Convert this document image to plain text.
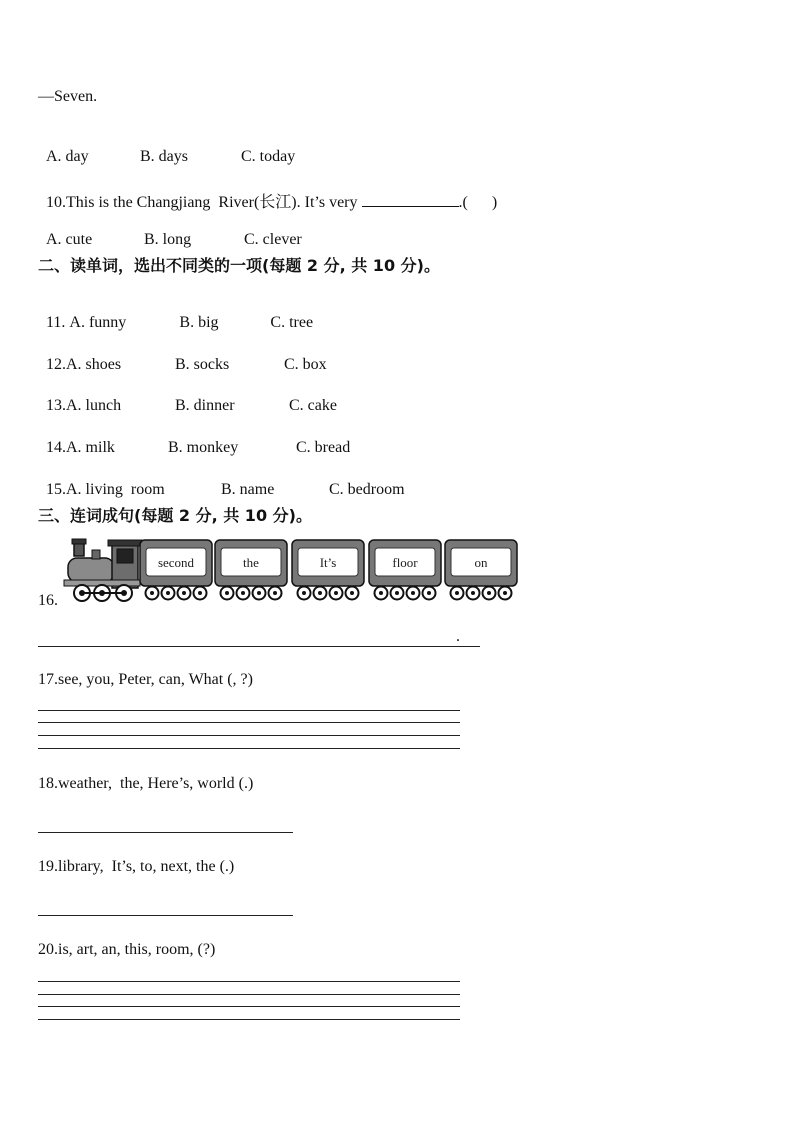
—Seven.

A. day	B. days	C. today

10.This is the Changjiang  River(长江). It’s very	.(      )

A. cute	B. long	C. clever

二、读单词，选出不同类的一项(每题 2 分, 共 10 分)。

11. A. funny	B. big	C. tree

12.A. shoes	B. socks	C. box

13.A. lunch	B. dinner	C. cake

14.A. milk	B. monkey	C. bread

15.A. living  room	B. name	C. bedroom

三、连词成句(每题 2 分, 共 10 分)。
16.
second	the	It’s	floor	on
.
17.see, you, Peter, can, What (, ?)
18.weather,  the, Here’s, world (.)
19.library,  It’s, to, next, the (.)
20.is, art, an, this, room, (?)
